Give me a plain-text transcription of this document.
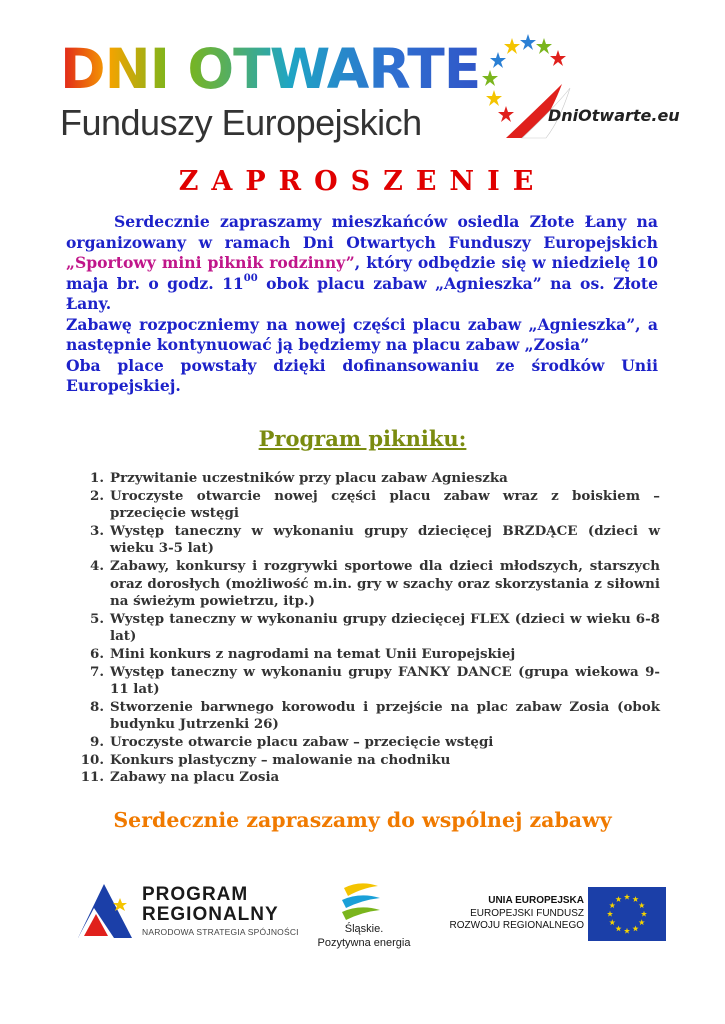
DNI OTWARTE
Funduszy Europejskich	DniOtwarte.eu
ZAPROSZENIE

Serdecznie zapraszamy mieszkańców osiedla Złote Łany na organizowany w ramach Dni Otwartych Funduszy Europejskich „Sportowy mini piknik rodzinny”, który odbędzie się w niedzielę 10 maja br. o godz. $11^{00}$ obok placu zabaw „Agnieszka” na os. Złote Łany.

Zabawę rozpoczniemy na nowej części placu zabaw „Agnieszka”, a następnie kontynuować ją będziemy na placu zabaw „Zosia”

Oba place powstały dzięki dofinansowaniu ze środków Unii Europejskiej.

Program pikniku:
1. Przywitanie uczestników przy placu zabaw Agnieszka
2. Uroczyste otwarcie nowej części placu zabaw wraz z boiskiem – przecięcie wstęgi
3. Występ taneczny w wykonaniu grupy dziecięcej BRZDĄCE (dzieci w wieku 3-5 lat)
4. Zabawy, konkursy i rozgrywki sportowe dla dzieci młodszych, starszych oraz dorosłych (możliwość m.in. gry w szachy oraz skorzystania z siłowni na świeżym powietrzu, itp.)
5. Występ taneczny w wykonaniu grupy dziecięcej FLEX (dzieci w wieku 6-8 lat)
6. Mini konkurs z nagrodami na temat Unii Europejskiej
7. Występ taneczny w wykonaniu grupy FANKY DANCE (grupa wiekowa 9-11 lat)
8. Stworzenie barwnego korowodu i przejście na plac zabaw Zosia (obok budynku Jutrzenki 26)
9. Uroczyste otwarcie placu zabaw – przecięcie wstęgi
10. Konkurs plastyczny – malowanie na chodniku
11. Zabawy na placu Zosia
Serdecznie zapraszamy do wspólnej zabawy
PROGRAM
REGIONALNY
NARODOWA STRATEGIA SPÓJNOŚCI	Śląskie.
Pozytywna energia
UNIA EUROPEJSKA
EUROPEJSKI FUNDUSZ
ROZWOJU REGIONALNEGO
